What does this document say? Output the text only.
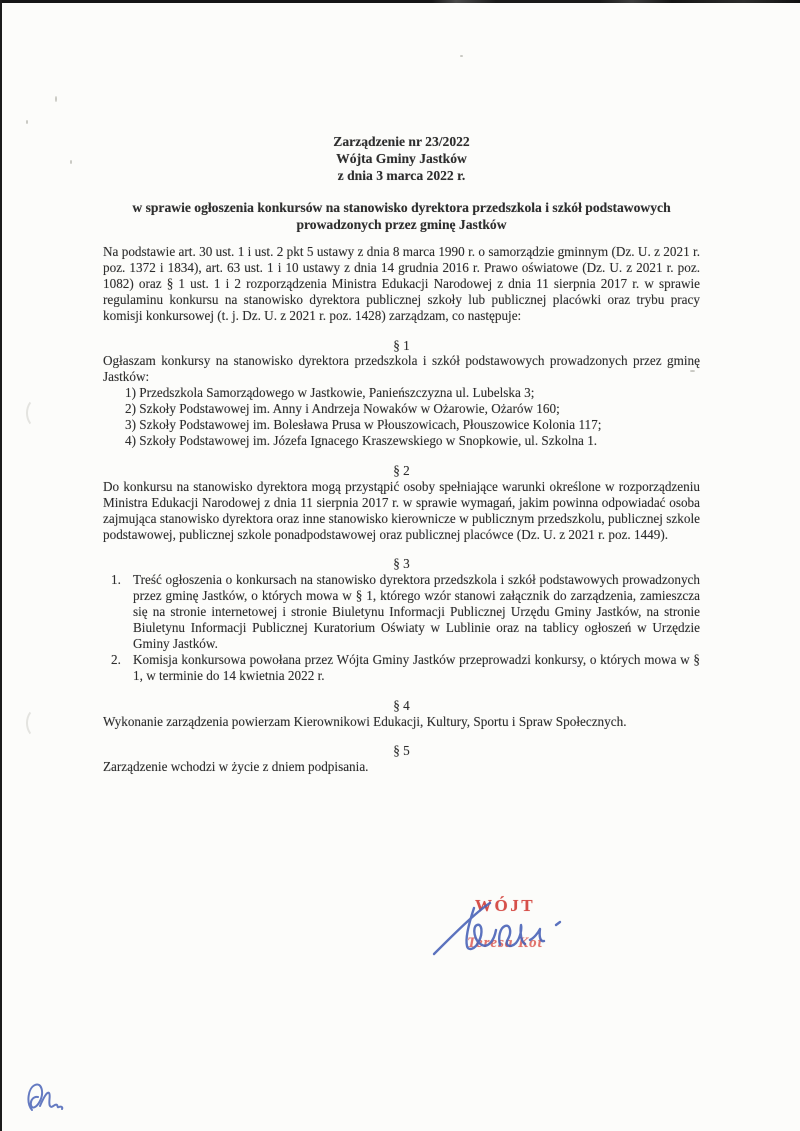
Zarządzenie nr 23/2022
Wójta Gminy Jastków
z dnia 3 marca 2022 r.
w sprawie ogłoszenia konkursów na stanowisko dyrektora przedszkola i szkół podstawowych
prowadzonych przez gminę Jastków

Na podstawie art. 30 ust. 1 i ust. 2 pkt 5 ustawy z dnia 8 marca 1990 r. o samorządzie gminnym (Dz. U. z 2021 r. poz. 1372 i 1834), art. 63 ust. 1 i 10 ustawy z dnia 14 grudnia 2016 r. Prawo oświatowe (Dz. U. z 2021 r. poz. 1082) oraz § 1 ust. 1 i 2 rozporządzenia Ministra Edukacji Narodowej z dnia 11 sierpnia 2017 r. w sprawie regulaminu konkursu na stanowisko dyrektora publicznej szkoły lub publicznej placówki oraz trybu pracy komisji konkursowej (t. j. Dz. U. z 2021 r. poz. 1428) zarządzam, co następuje:

§ 1

Ogłaszam konkursy na stanowisko dyrektora przedszkola i szkół podstawowych prowadzonych przez gminę Jastków:

1) Przedszkola Samorządowego w Jastkowie, Panieńszczyzna ul. Lubelska 3;
2) Szkoły Podstawowej im. Anny i Andrzeja Nowaków w Ożarowie, Ożarów 160;
3) Szkoły Podstawowej im. Bolesława Prusa w Płouszowicach, Płouszowice Kolonia 117;
4) Szkoły Podstawowej im. Józefa Ignacego Kraszewskiego w Snopkowie, ul. Szkolna 1.
§ 2

Do konkursu na stanowisko dyrektora mogą przystąpić osoby spełniające warunki określone w rozporządzeniu Ministra Edukacji Narodowej z dnia 11 sierpnia 2017 r. w sprawie wymagań, jakim powinna odpowiadać osoba zajmująca stanowisko dyrektora oraz inne stanowisko kierownicze w publicznym przedszkolu, publicznej szkole podstawowej, publicznej szkole ponadpodstawowej oraz publicznej placówce (Dz. U. z 2021 r. poz. 1449).

§ 3
1. Treść ogłoszenia o konkursach na stanowisko dyrektora przedszkola i szkół podstawowych prowadzonych przez gminę Jastków, o których mowa w § 1, którego wzór stanowi załącznik do zarządzenia, zamieszcza się na stronie internetowej i stronie Biuletynu Informacji Publicznej Urzędu Gminy Jastków, na stronie Biuletynu Informacji Publicznej Kuratorium Oświaty w Lublinie oraz na tablicy ogłoszeń w Urzędzie Gminy Jastków.
2. Komisja konkursowa powołana przez Wójta Gminy Jastków przeprowadzi konkursy, o których mowa w § 1, w terminie do 14 kwietnia 2022 r.
§ 4

Wykonanie zarządzenia powierzam Kierownikowi Edukacji, Kultury, Sportu i Spraw Społecznych.

§ 5

Zarządzenie wchodzi w życie z dniem podpisania.

WÓJT
Teresa Kot
